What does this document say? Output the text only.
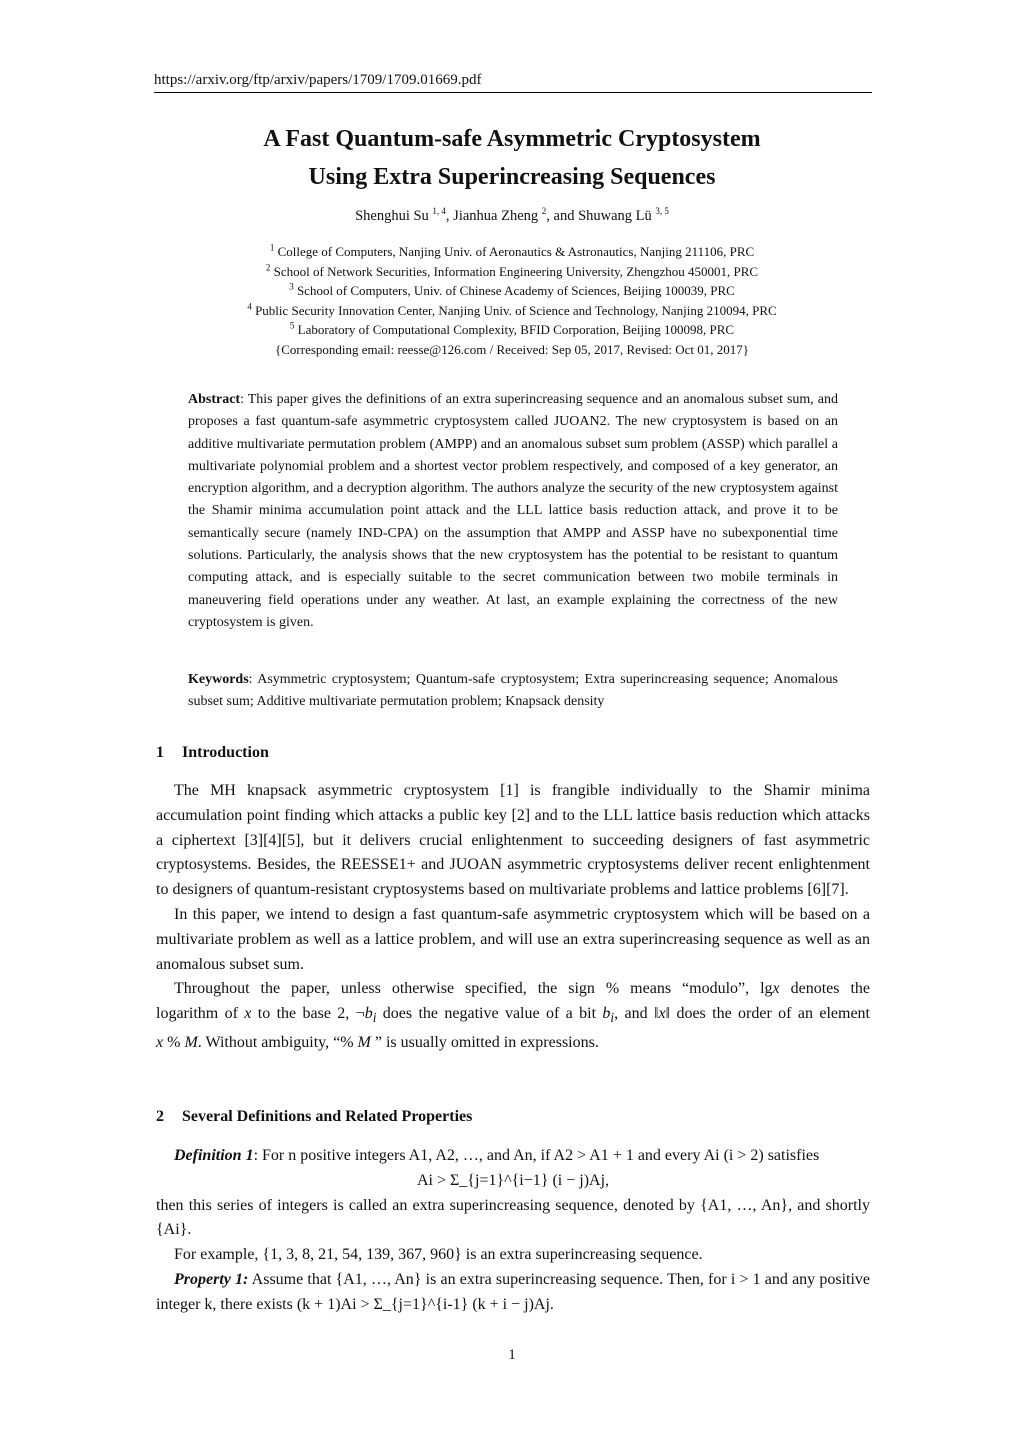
https://arxiv.org/ftp/arxiv/papers/1709/1709.01669.pdf
A Fast Quantum-safe Asymmetric Cryptosystem
Using Extra Superincreasing Sequences
Shenghui Su $^{1, 4}$, Jianhua Zheng $^2$, and Shuwang Lü $^{3, 5}$
$^1$ College of Computers, Nanjing Univ. of Aeronautics & Astronautics, Nanjing 211106, PRC
$^2$ School of Network Securities, Information Engineering University, Zhengzhou 450001, PRC
$^3$ School of Computers, Univ. of Chinese Academy of Sciences, Beijing 100039, PRC
$^4$ Public Security Innovation Center, Nanjing Univ. of Science and Technology, Nanjing 210094, PRC
$^5$ Laboratory of Computational Complexity, BFID Corporation, Beijing 100098, PRC
{Corresponding email: reesse@126.com / Received: Sep 05, 2017, Revised: Oct 01, 2017}
Abstract: This paper gives the definitions of an extra superincreasing sequence and an anomalous subset sum, and proposes a fast quantum-safe asymmetric cryptosystem called JUOAN2. The new cryptosystem is based on an additive multivariate permutation problem (AMPP) and an anomalous subset sum problem (ASSP) which parallel a multivariate polynomial problem and a shortest vector problem respectively, and composed of a key generator, an encryption algorithm, and a decryption algorithm. The authors analyze the security of the new cryptosystem against the Shamir minima accumulation point attack and the LLL lattice basis reduction attack, and prove it to be semantically secure (namely IND-CPA) on the assumption that AMPP and ASSP have no subexponential time solutions. Particularly, the analysis shows that the new cryptosystem has the potential to be resistant to quantum computing attack, and is especially suitable to the secret communication between two mobile terminals in maneuvering field operations under any weather. At last, an example explaining the correctness of the new cryptosystem is given.
Keywords: Asymmetric cryptosystem; Quantum-safe cryptosystem; Extra superincreasing sequence; Anomalous subset sum; Additive multivariate permutation problem; Knapsack density
1 Introduction

The MH knapsack asymmetric cryptosystem [1] is frangible individually to the Shamir minima accumulation point finding which attacks a public key [2] and to the LLL lattice basis reduction which attacks a ciphertext [3][4][5], but it delivers crucial enlightenment to succeeding designers of fast asymmetric cryptosystems. Besides, the REESSE1+ and JUOAN asymmetric cryptosystems deliver recent enlightenment to designers of quantum-resistant cryptosystems based on multivariate problems and lattice problems [6][7].

In this paper, we intend to design a fast quantum-safe asymmetric cryptosystem which will be based on a multivariate problem as well as a lattice problem, and will use an extra superincreasing sequence as well as an anomalous subset sum.

Throughout the paper, unless otherwise specified, the sign % means “modulo”, lgx denotes the
logarithm of x to the base 2, $\neg b_i$ does the negative value of a bit $b_i$, and ‖x‖ does the order of an element
x % M. Without ambiguity, “% M ” is usually omitted in expressions.
2 Several Definitions and Related Properties

Definition 1: For n positive integers A1, A2, …, and An, if A2 > A1 + 1 and every Ai (i > 2) satisfies

Ai > Σ_{j=1}^{i−1} (i − j)Aj,

then this series of integers is called an extra superincreasing sequence, denoted by {A1, …, An}, and shortly {Ai}.

For example, {1, 3, 8, 21, 54, 139, 367, 960} is an extra superincreasing sequence.

Property 1: Assume that {A1, …, An} is an extra superincreasing sequence. Then, for i > 1 and any positive integer k, there exists (k + 1)Ai > Σ_{j=1}^{i-1} (k + i − j)Aj.

1
